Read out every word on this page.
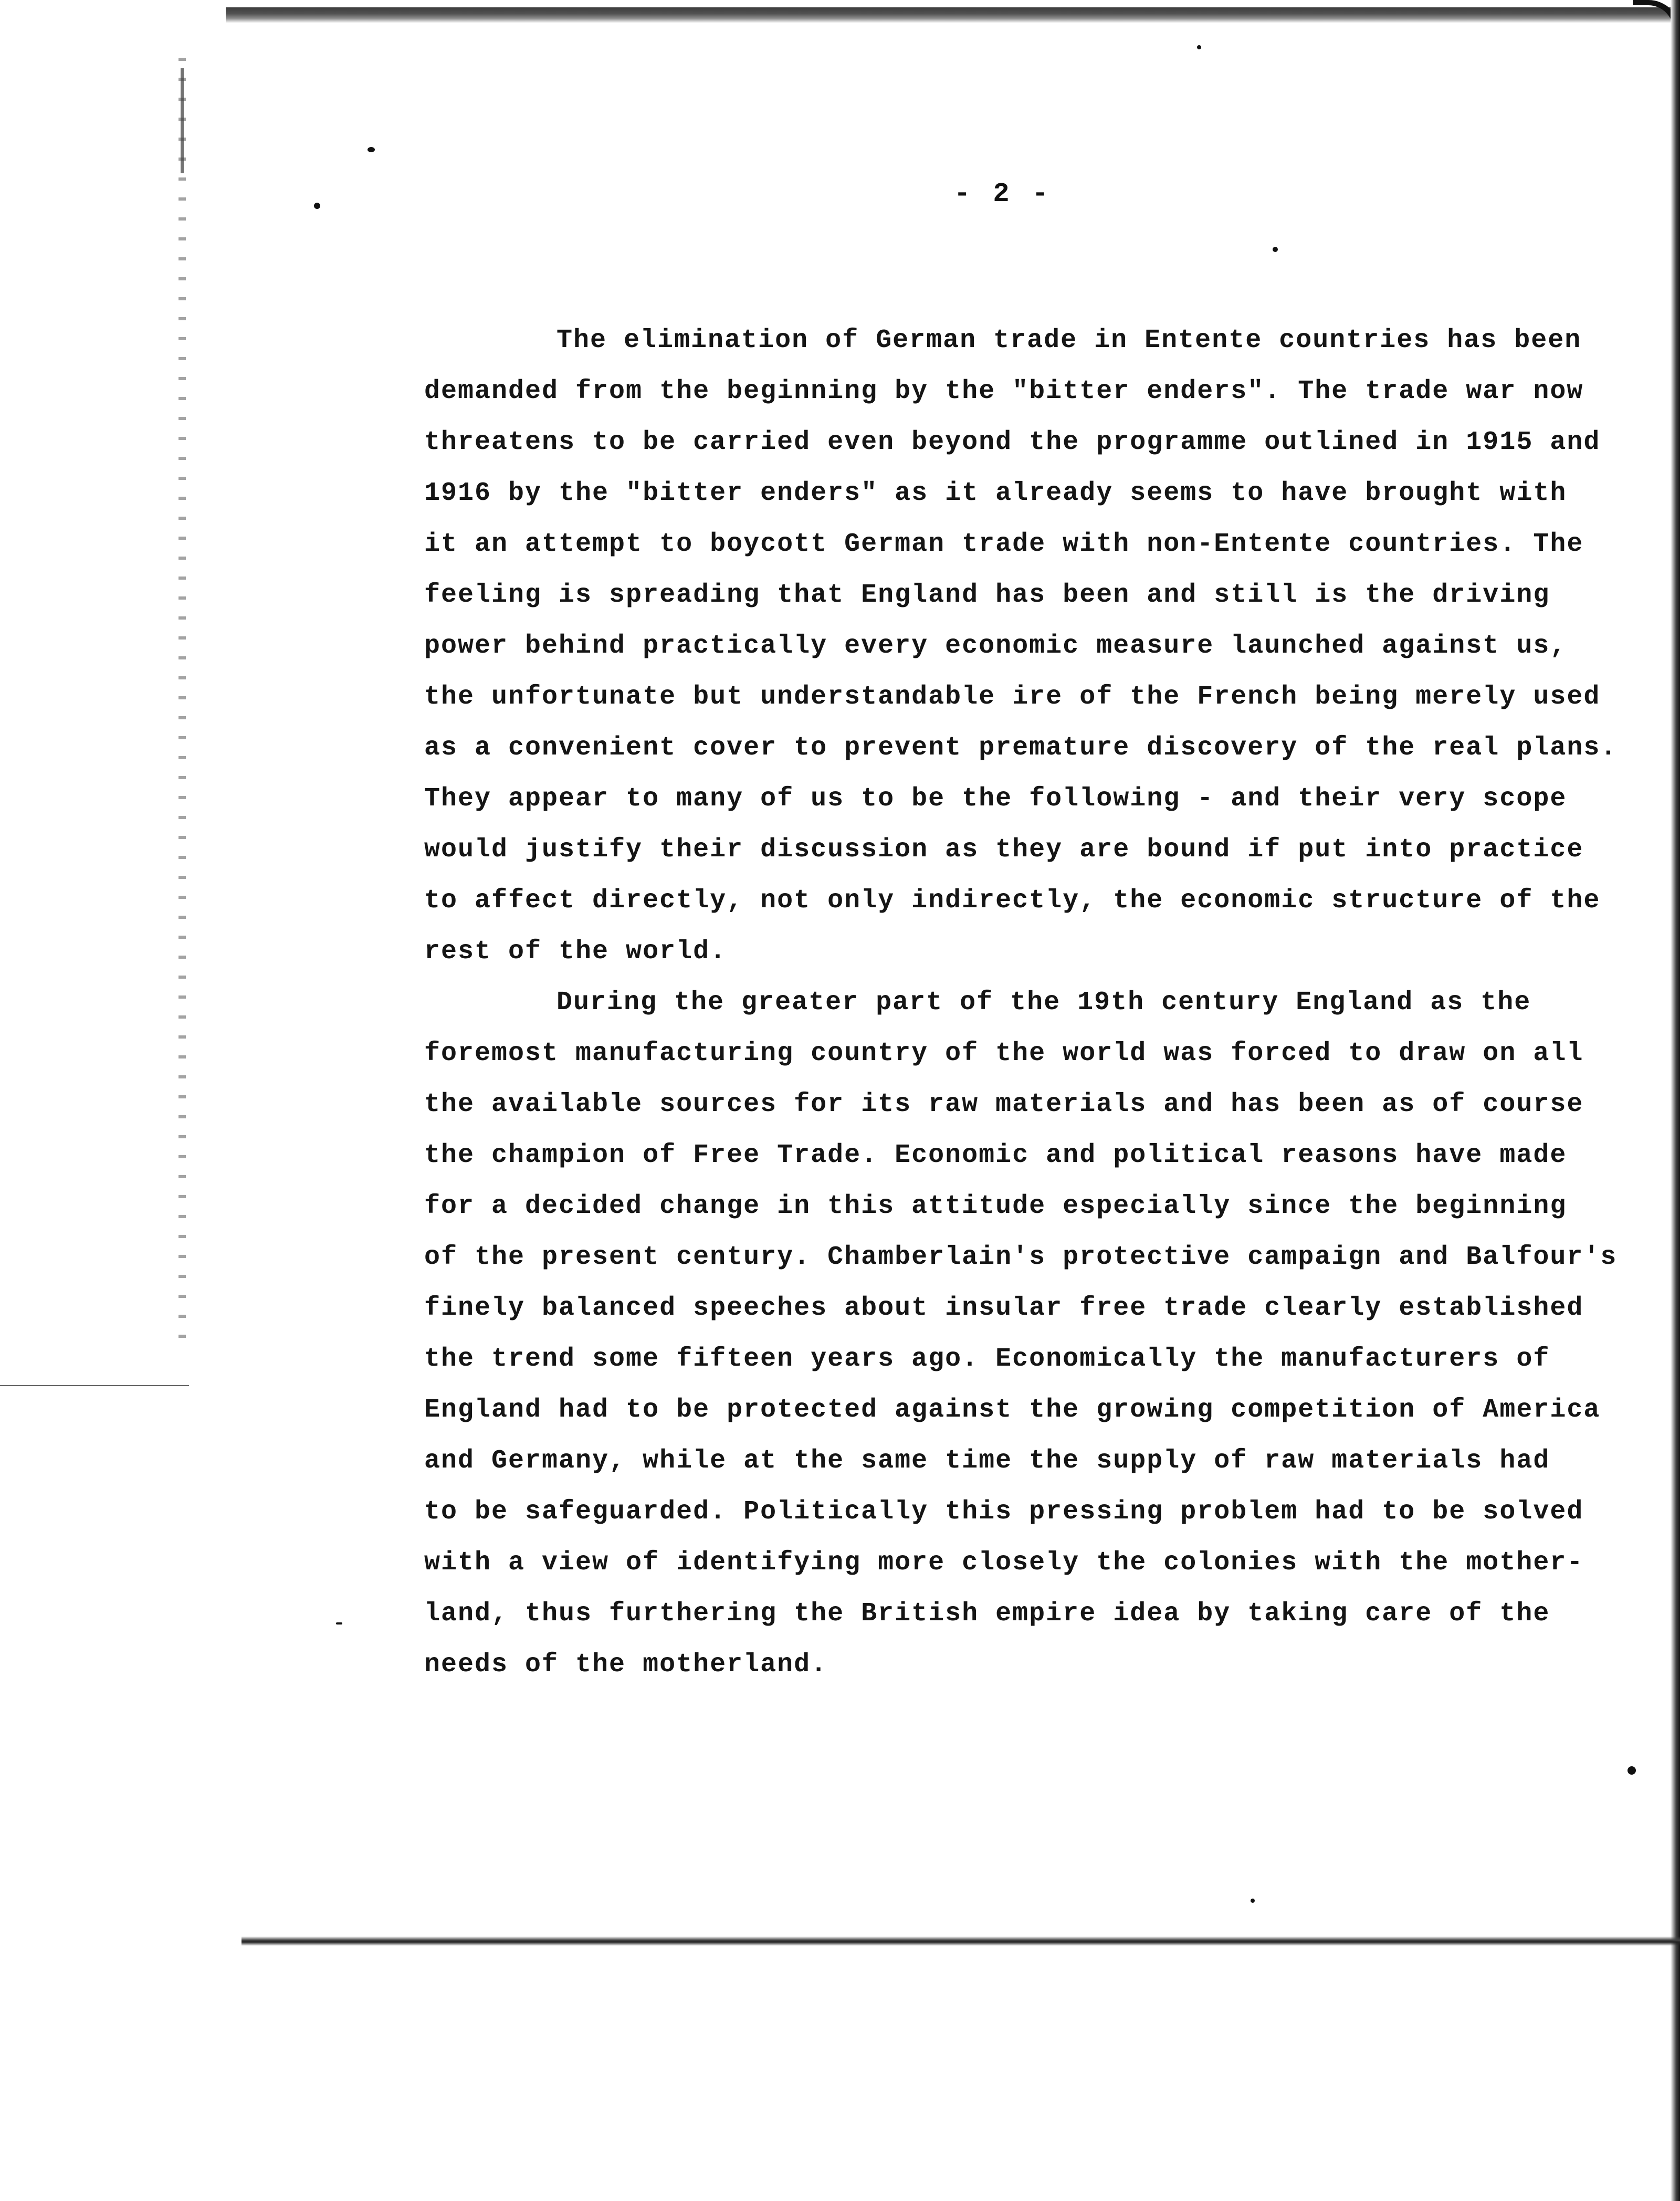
- 2 -
The elimination of German trade in Entente countries has been
demanded from the beginning by the "bitter enders". The trade war now
threatens to be carried even beyond the programme outlined in 1915 and
1916 by the "bitter enders" as it already seems to have brought with
it an attempt to boycott German trade with non-Entente countries. The
feeling is spreading that England has been and still is the driving
power behind practically every economic measure launched against us,
the unfortunate but understandable ire of the French being merely used
as a convenient cover to prevent premature discovery of the real plans.
They appear to many of us to be the following - and their very scope
would justify their discussion as they are bound if put into practice
to affect directly, not only indirectly, the economic structure of the
rest of the world.
During the greater part of the 19th century England as the
foremost manufacturing country of the world was forced to draw on all
the available sources for its raw materials and has been as of course
the champion of Free Trade. Economic and political reasons have made
for a decided change in this attitude especially since the beginning
of the present century. Chamberlain's protective campaign and Balfour's
finely balanced speeches about insular free trade clearly established
the trend some fifteen years ago. Economically the manufacturers of
England had to be protected against the growing competition of America
and Germany, while at the same time the supply of raw materials had
to be safeguarded. Politically this pressing problem had to be solved
with a view of identifying more closely the colonies with the mother-
land, thus furthering the British empire idea by taking care of the
needs of the motherland.
